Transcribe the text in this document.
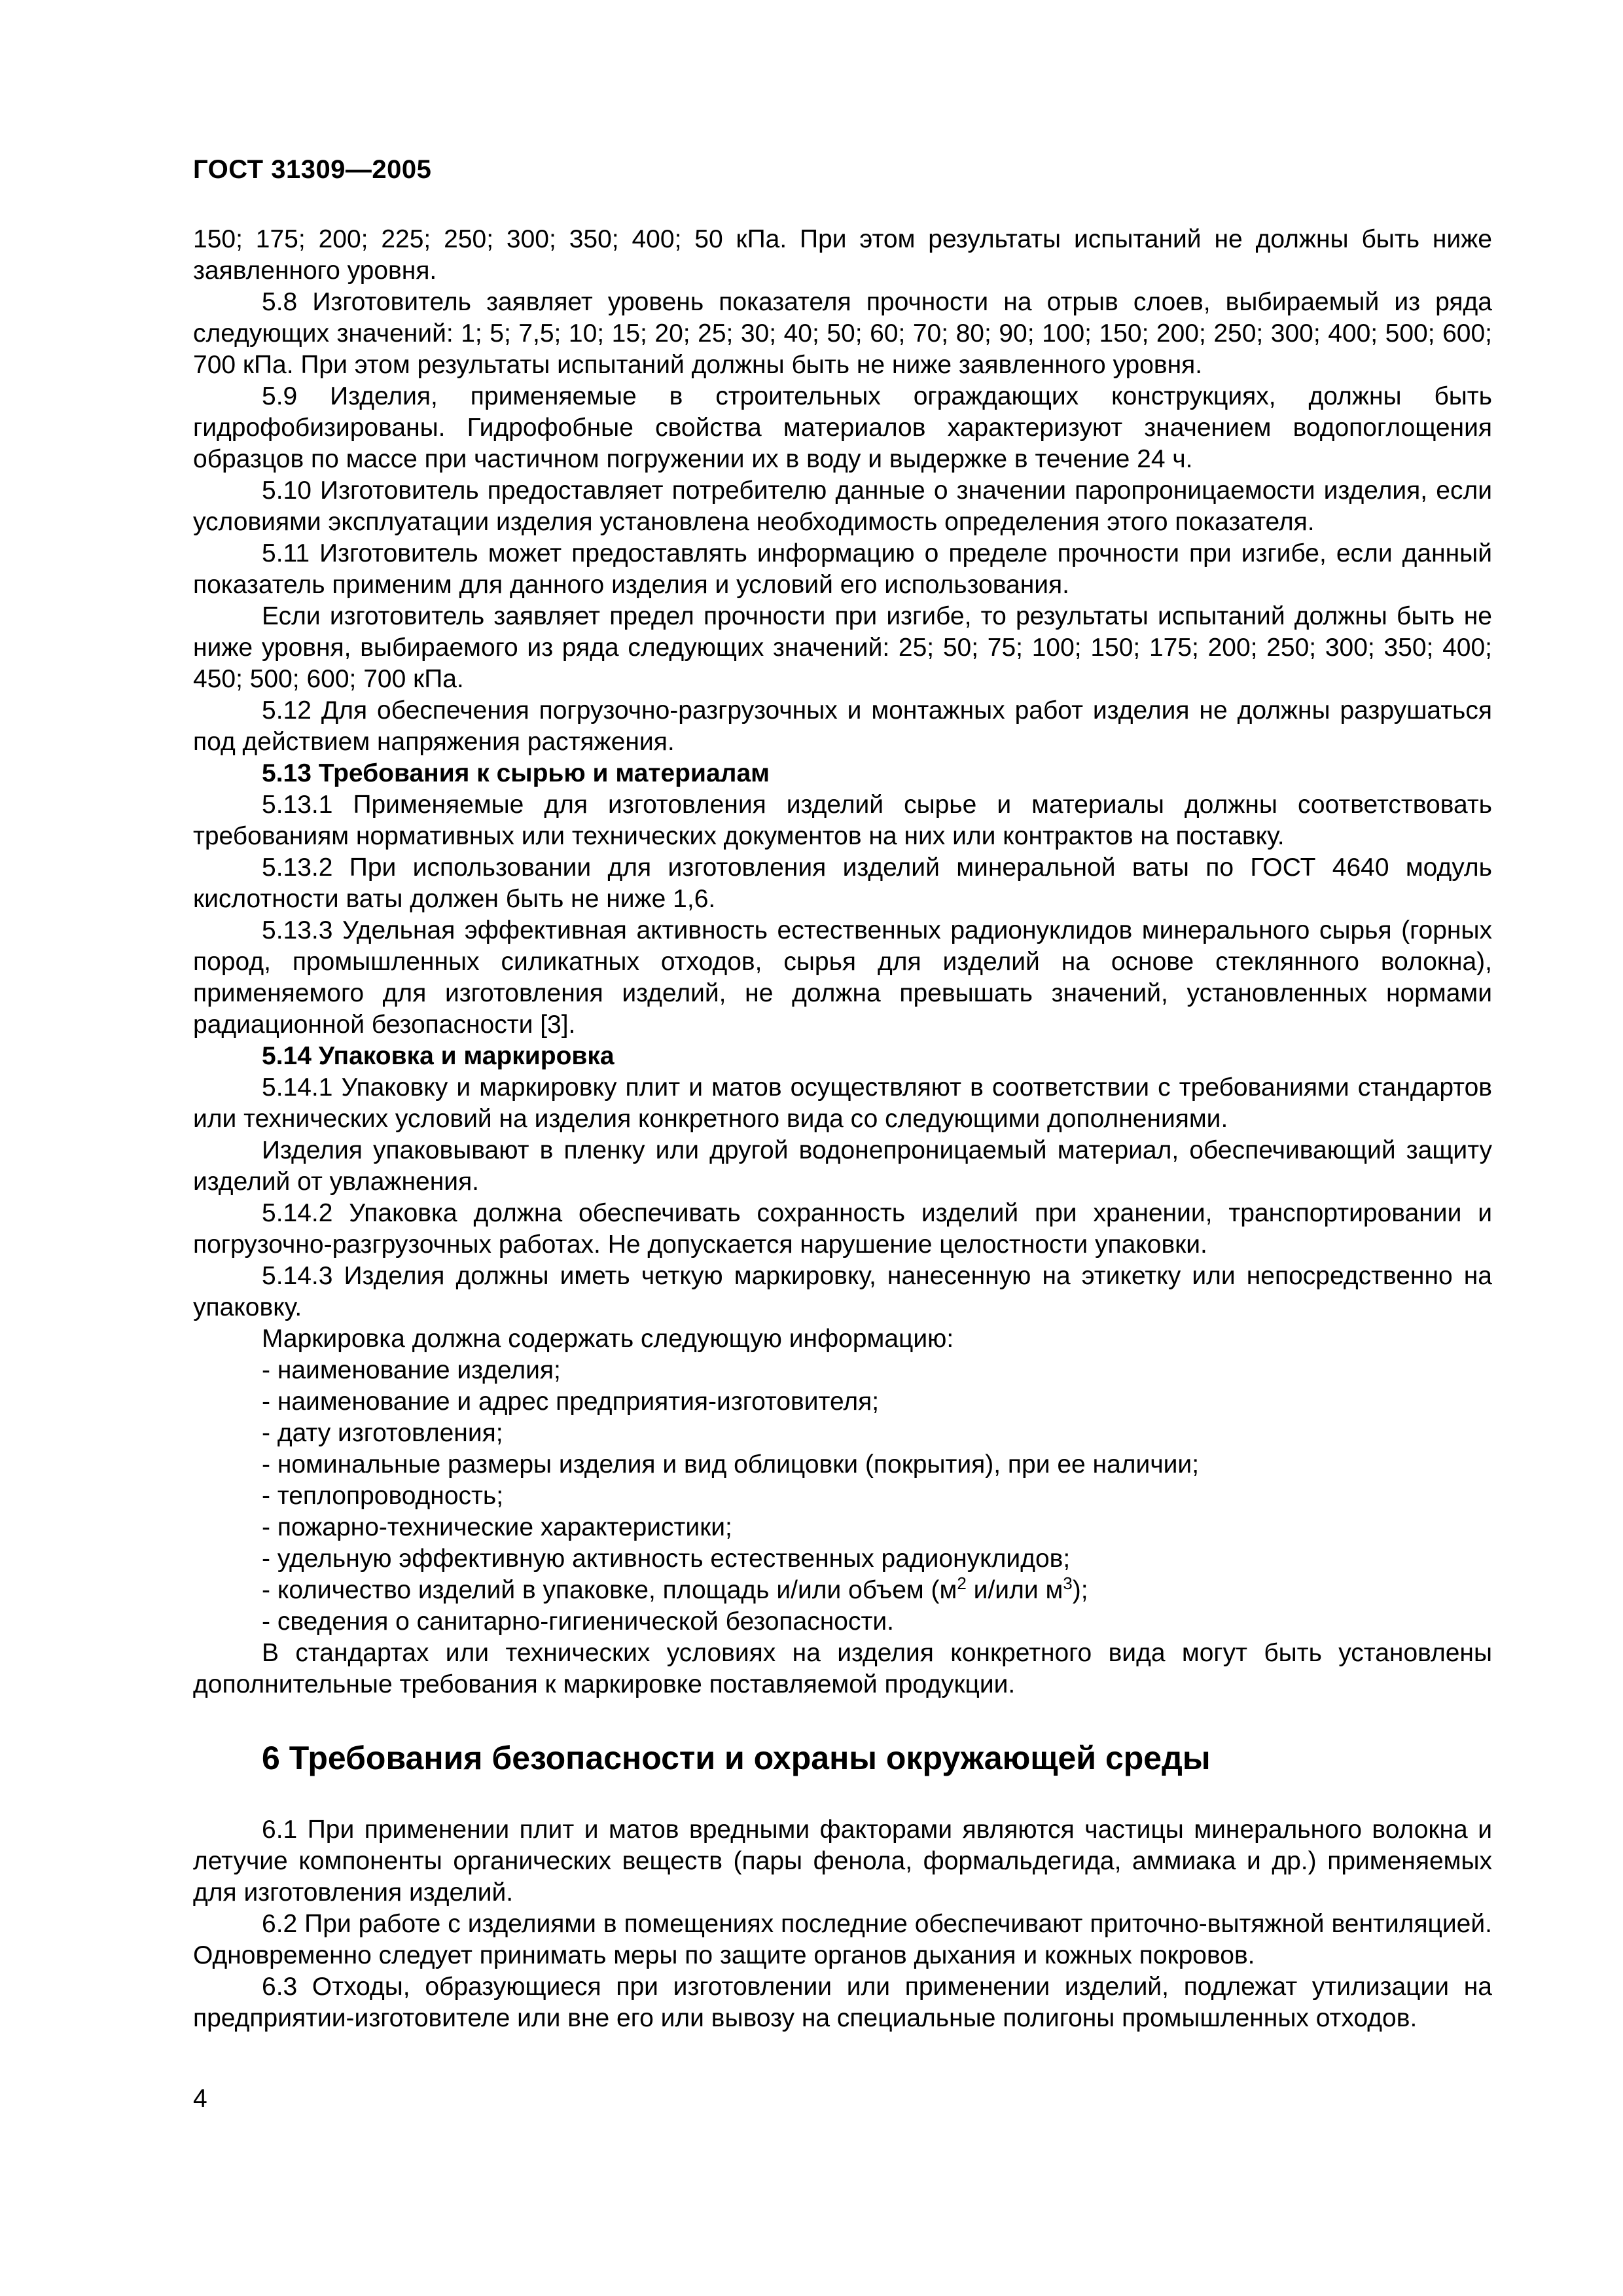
ГОСТ 31309—2005

150; 175; 200; 225; 250; 300; 350; 400; 50 кПа. При этом результаты испытаний не должны быть ниже заявленного уровня.

5.8 Изготовитель заявляет уровень показателя прочности на отрыв слоев, выбираемый из ряда следующих значений: 1; 5; 7,5; 10; 15; 20; 25; 30; 40; 50; 60; 70; 80; 90; 100; 150; 200; 250; 300; 400; 500; 600; 700 кПа. При этом результаты испытаний должны быть не ниже заявленного уровня.

5.9 Изделия, применяемые в строительных ограждающих конструкциях, должны быть гидрофобизированы. Гидрофобные свойства материалов характеризуют значением водопоглощения образцов по массе при частичном погружении их в воду и выдержке в течение 24 ч.

5.10 Изготовитель предоставляет потребителю данные о значении паропроницаемости изделия, если условиями эксплуатации изделия установлена необходимость определения этого показателя.

5.11 Изготовитель может предоставлять информацию о пределе прочности при изгибе, если данный показатель применим для данного изделия и условий его использования.

Если изготовитель заявляет предел прочности при изгибе, то результаты испытаний должны быть не ниже уровня, выбираемого из ряда следующих значений: 25; 50; 75; 100; 150; 175; 200; 250; 300; 350; 400; 450; 500; 600; 700 кПа.

5.12 Для обеспечения погрузочно-разгрузочных и монтажных работ изделия не должны разрушаться под действием напряжения растяжения.

5.13 Требования к сырью и материалам

5.13.1 Применяемые для изготовления изделий сырье и материалы должны соответствовать требованиям нормативных или технических документов на них или контрактов на поставку.

5.13.2 При использовании для изготовления изделий минеральной ваты по ГОСТ 4640 модуль кислотности ваты должен быть не ниже 1,6.

5.13.3 Удельная эффективная активность естественных радионуклидов минерального сырья (горных пород, промышленных силикатных отходов, сырья для изделий на основе стеклянного волокна), применяемого для изготовления изделий, не должна превышать значений, установленных нормами радиационной безопасности [3].

5.14 Упаковка и маркировка

5.14.1 Упаковку и маркировку плит и матов осуществляют в соответствии с требованиями стандартов или технических условий на изделия конкретного вида со следующими дополнениями.

Изделия упаковывают в пленку или другой водонепроницаемый материал, обеспечивающий защиту изделий от увлажнения.

5.14.2 Упаковка должна обеспечивать сохранность изделий при хранении, транспортировании и погрузочно-разгрузочных работах. Не допускается нарушение целостности упаковки.

5.14.3 Изделия должны иметь четкую маркировку, нанесенную на этикетку или непосредственно на упаковку.

Маркировка должна содержать следующую информацию:

- наименование изделия;

- наименование и адрес предприятия-изготовителя;

- дату изготовления;

- номинальные размеры изделия и вид облицовки (покрытия), при ее наличии;

- теплопроводность;

- пожарно-технические характеристики;

- удельную эффективную активность естественных радионуклидов;

- количество изделий в упаковке, площадь и/или объем ($м^2$ и/или $м^3$);

- сведения о санитарно-гигиенической безопасности.

В стандартах или технических условиях на изделия конкретного вида могут быть установлены дополнительные требования к маркировке поставляемой продукции.

6 Требования безопасности и охраны окружающей среды

6.1 При применении плит и матов вредными факторами являются частицы минерального волокна и летучие компоненты органических веществ (пары фенола, формальдегида, аммиака и др.) применяемых для изготовления изделий.

6.2 При работе с изделиями в помещениях последние обеспечивают приточно-вытяжной вентиляцией. Одновременно следует принимать меры по защите органов дыхания и кожных покровов.

6.3 Отходы, образующиеся при изготовлении или применении изделий, подлежат утилизации на предприятии-изготовителе или вне его или вывозу на специальные полигоны промышленных отходов.

4
